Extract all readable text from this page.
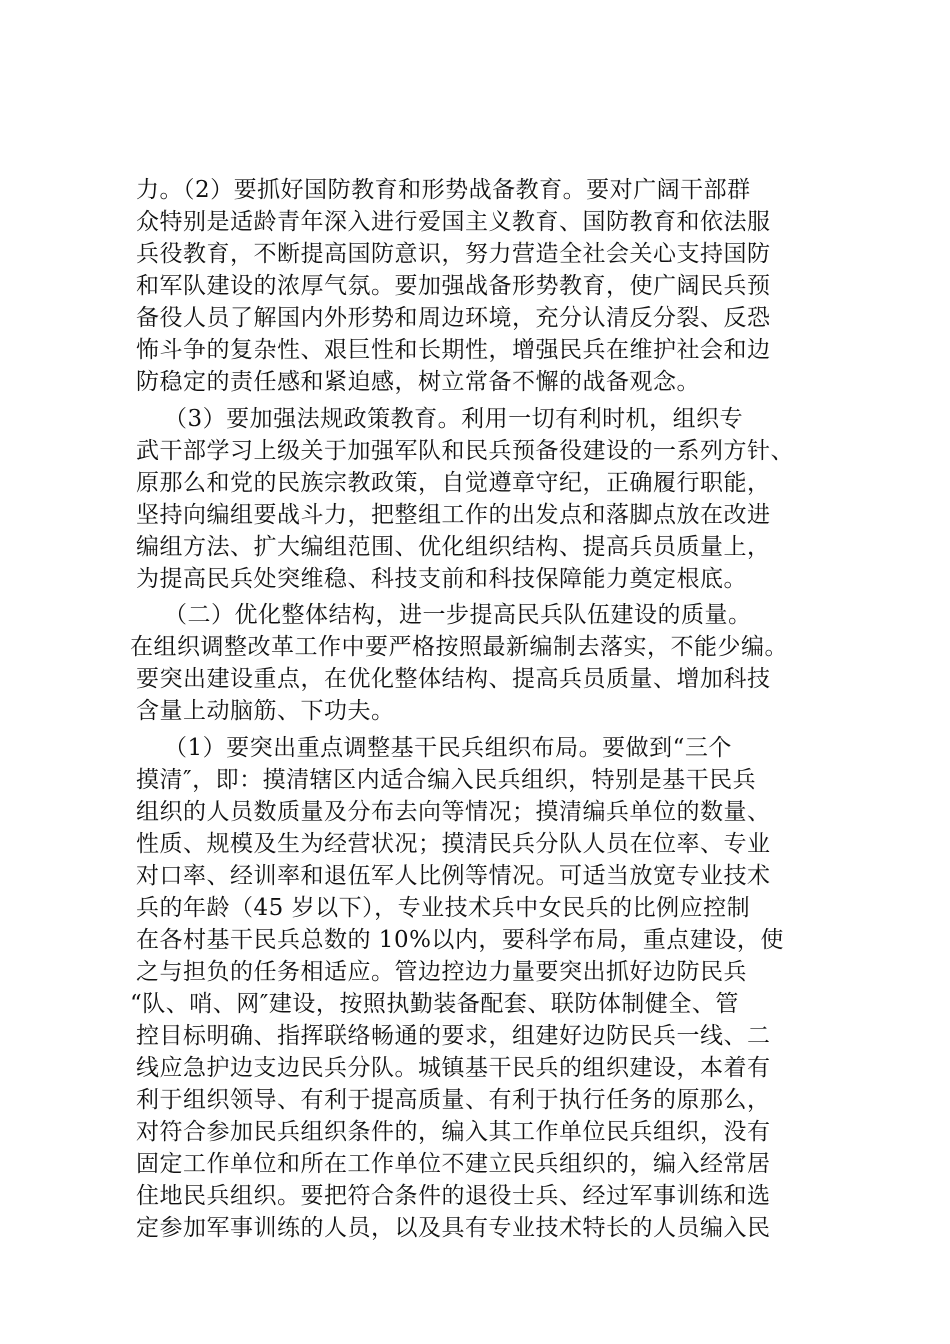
力。（2）要抓好国防教育和形势战备教育。要对广阔干部群
众特别是适龄青年深入进行爱国主义教育、国防教育和依法服
兵役教育，不断提高国防意识，努力营造全社会关心支持国防
和军队建设的浓厚气氛。要加强战备形势教育，使广阔民兵预
备役人员了解国内外形势和周边环境，充分认清反分裂、反恐
怖斗争的复杂性、艰巨性和长期性，增强民兵在维护社会和边
防稳定的责任感和紧迫感，树立常备不懈的战备观念。
（3）要加强法规政策教育。利用一切有利时机，组织专
武干部学习上级关于加强军队和民兵预备役建设的一系列方针、
原那么和党的民族宗教政策，自觉遵章守纪，正确履行职能，
坚持向编组要战斗力，把整组工作的出发点和落脚点放在改进
编组方法、扩大编组范围、优化组织结构、提高兵员质量上，
为提高民兵处突维稳、科技支前和科技保障能力奠定根底。
（二）优化整体结构，进一步提高民兵队伍建设的质量。
在组织调整改革工作中要严格按照最新编制去落实，不能少编。
要突出建设重点，在优化整体结构、提高兵员质量、增加科技
含量上动脑筋、下功夫。
（1）要突出重点调整基干民兵组织布局。要做到“三个
摸清″，即：摸清辖区内适合编入民兵组织，特别是基干民兵
组织的人员数质量及分布去向等情况；摸清编兵单位的数量、
性质、规模及生为经营状况；摸清民兵分队人员在位率、专业
对口率、经训率和退伍军人比例等情况。可适当放宽专业技术
兵的年龄（45 岁以下），专业技术兵中女民兵的比例应控制
在各村基干民兵总数的 10%以内，要科学布局，重点建设，使
之与担负的任务相适应。管边控边力量要突出抓好边防民兵
“队、哨、网″建设，按照执勤装备配套、联防体制健全、管
控目标明确、指挥联络畅通的要求，组建好边防民兵一线、二
线应急护边支边民兵分队。城镇基干民兵的组织建设，本着有
利于组织领导、有利于提高质量、有利于执行任务的原那么，
对符合参加民兵组织条件的，编入其工作单位民兵组织，没有
固定工作单位和所在工作单位不建立民兵组织的，编入经常居
住地民兵组织。要把符合条件的退役士兵、经过军事训练和选
定参加军事训练的人员，以及具有专业技术特长的人员编入民
